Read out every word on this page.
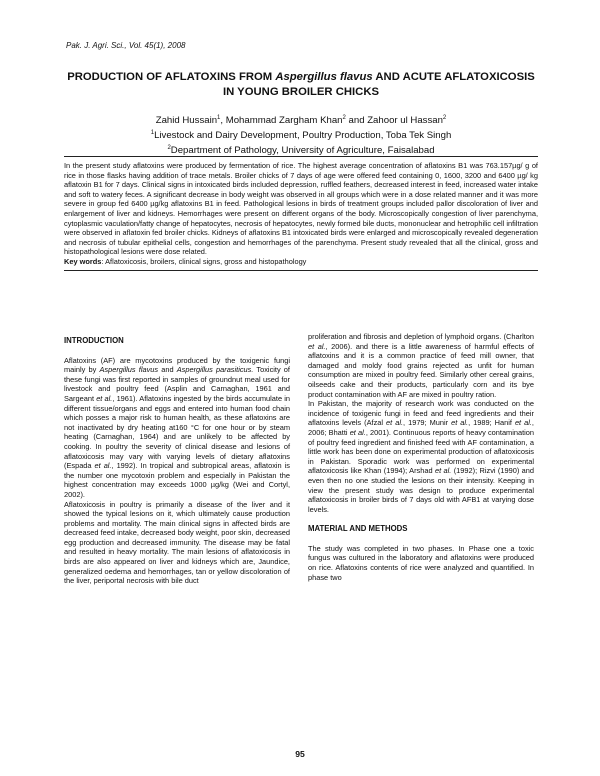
Pak. J. Agri. Sci., Vol. 45(1), 2008
PRODUCTION OF AFLATOXINS FROM Aspergillus flavus AND ACUTE AFLATOXICOSIS IN YOUNG BROILER CHICKS
Zahid Hussain$^1$, Mohammad Zargham Khan$^2$ and Zahoor ul Hassan$^2$
$^1$Livestock and Dairy Development, Poultry Production, Toba Tek Singh
$^2$Department of Pathology, University of Agriculture, Faisalabad

In the present study aflatoxins were produced by fermentation of rice. The highest average concentration of aflatoxins B1 was 763.157µg/ g of rice in those flasks having addition of trace metals. Broiler chicks of 7 days of age were offered feed containing 0, 1600, 3200 and 6400 µg/ kg aflatoxin B1 for 7 days. Clinical signs in intoxicated birds included depression, ruffled feathers, decreased interest in feed, increased water intake and soft to watery feces. A significant decrease in body weight was observed in all groups which were in a dose related manner and it was more severe in group fed 6400 µg/kg aflatoxins B1 in feed. Pathological lesions in birds of treatment groups included pallor discoloration of liver and enlargement of liver and kidneys. Hemorrhages were present on different organs of the body. Microscopically congestion of liver parenchyma, cytoplasmic vaculation/fatty change of hepatocytes, necrosis of hepatocytes, newly formed bile ducts, mononuclear and hetrophilic cell infiltration were observed in aflatoxin fed broiler chicks. Kidneys of aflatoxins B1 intoxicated birds were enlarged and microscopically revealed degeneration and necrosis of tubular epithelial cells, congestion and hemorrhages of the parenchyma. Present study revealed that all the clinical, gross and histopathological lesions were dose related.

Key words: Aflatoxicosis, broilers, clinical signs, gross and histopathology

INTRODUCTION

Aflatoxins (AF) are mycotoxins produced by the toxigenic fungi mainly by Aspergillus flavus and Aspergillus parasiticus. Toxicity of these fungi was first reported in samples of groundnut meal used for livestock and poultry feed (Asplin and Carnaghan, 1961 and Sargeant et al., 1961). Aflatoxins ingested by the birds accumulate in different tissue/organs and eggs and entered into human food chain which posses a major risk to human health, as these aflatoxins are not inactivated by dry heating at160 °C for one hour or by steam heating (Carnaghan, 1964) and are unlikely to be affected by cooking. In poultry the severity of clinical disease and lesions of aflatoxicosis may vary with varying levels of dietary aflatoxins (Espada et al., 1992). In tropical and subtropical areas, aflatoxin is the number one mycotoxin problem and especially in Pakistan the highest concentration may exceeds 1000 µg/kg (Wei and Cortyl, 2002).

Aflatoxicosis in poultry is primarily a disease of the liver and it showed the typical lesions on it, which ultimately cause production problems and mortality. The main clinical signs in affected birds are decreased feed intake, decreased body weight, poor skin, decreased egg production and decreased immunity. The disease may be fatal and resulted in heavy mortality. The main lesions of aflatoxicosis in birds are also appeared on liver and kidneys which are, Jaundice, generalized oedema and hemorrhages, tan or yellow discoloration of the liver, periportal necrosis with bile duct

proliferation and fibrosis and depletion of lymphoid organs. (Charlton et al., 2006). and there is a little awareness of harmful effects of aflatoxins and it is a common practice of feed mill owner, that damaged and moldy food grains rejected as unfit for human consumption are mixed in poultry feed. Similarly other cereal grains, oilseeds cake and their products, particularly corn and its bye product contamination with AF are mixed in poultry ration.

In Pakistan, the majority of research work was conducted on the incidence of toxigenic fungi in feed and feed ingredients and their aflatoxins levels (Afzal et al., 1979; Munir et al., 1989; Hanif et al., 2006; Bhatti et al., 2001). Continuous reports of heavy contamination of poultry feed ingredient and finished feed with AF contamination, a little work has been done on experimental production of aflatoxicosis in Pakistan. Sporadic work was performed on experimental aflatoxicosis like Khan (1994); Arshad et al. (1992); Rizvi (1990) and even then no one studied the lesions on their intensity. Keeping in view the present study was design to produce experimental aflatoxicosis in broiler birds of 7 days old with AFB1 at varying dose levels.

MATERIAL AND METHODS

The study was completed in two phases. In Phase one a toxic fungus was cultured in the laboratory and aflatoxins were produced on rice. Aflatoxins contents of rice were analyzed and quantified. In phase two

95
